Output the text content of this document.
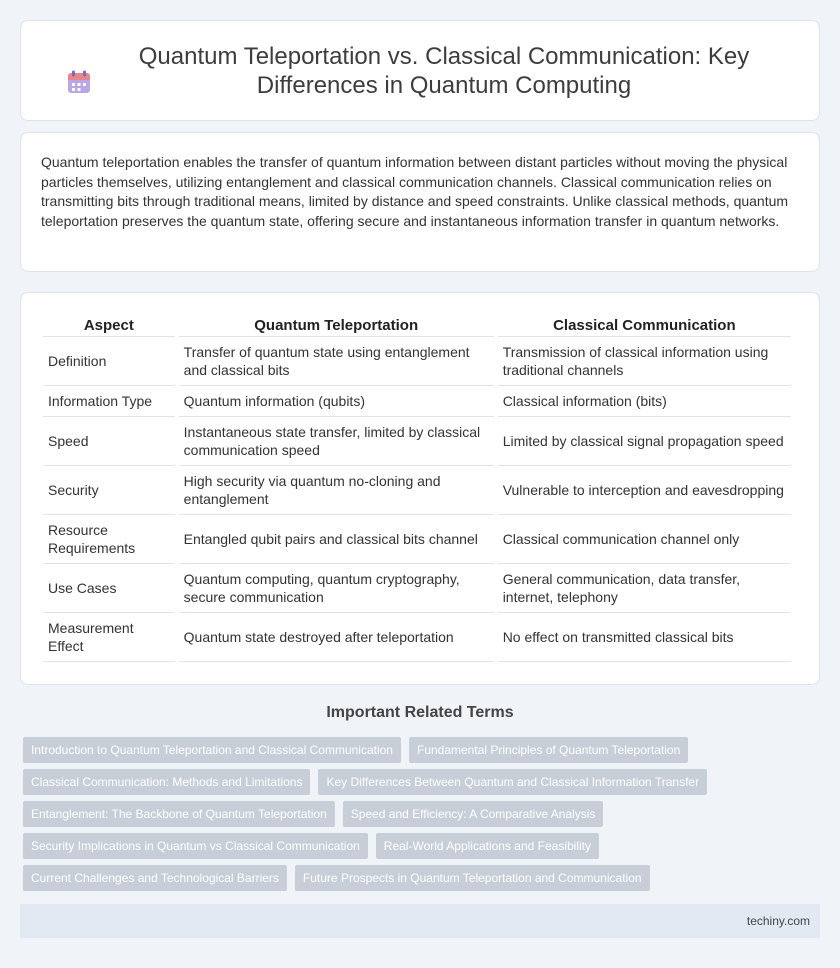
Quantum Teleportation vs. Classical Communication: Key Differences in Quantum Computing

Quantum teleportation enables the transfer of quantum information between distant particles without moving the physical particles themselves, utilizing entanglement and classical communication channels. Classical communication relies on transmitting bits through traditional means, limited by distance and speed constraints. Unlike classical methods, quantum teleportation preserves the quantum state, offering secure and instantaneous information transfer in quantum networks.

Aspect	Quantum Teleportation	Classical Communication
Definition	Transfer of quantum state using entanglement and classical bits	Transmission of classical information using traditional channels
Information Type	Quantum information (qubits)	Classical information (bits)
Speed	Instantaneous state transfer, limited by classical communication speed	Limited by classical signal propagation speed
Security	High security via quantum no-cloning and entanglement	Vulnerable to interception and eavesdropping
Resource Requirements	Entangled qubit pairs and classical bits channel	Classical communication channel only
Use Cases	Quantum computing, quantum cryptography, secure communication	General communication, data transfer, internet, telephony
Measurement Effect	Quantum state destroyed after teleportation	No effect on transmitted classical bits
Important Related Terms
Introduction to Quantum Teleportation and Classical Communication	Fundamental Principles of Quantum Teleportation
Classical Communication: Methods and Limitations	Key Differences Between Quantum and Classical Information Transfer
Entanglement: The Backbone of Quantum Teleportation	Speed and Efficiency: A Comparative Analysis
Security Implications in Quantum vs Classical Communication	Real-World Applications and Feasibility
Current Challenges and Technological Barriers	Future Prospects in Quantum Teleportation and Communication
techiny.com
